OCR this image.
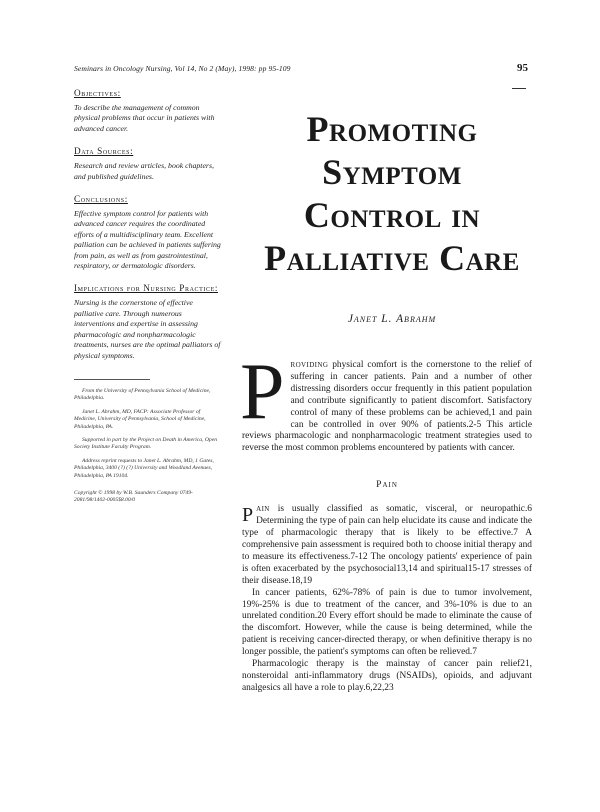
Seminars in Oncology Nursing, Vol 14, No 2 (May), 1998: pp 95-109	95
Objectives:

To describe the management of common physical problems that occur in patients with advanced cancer.

Data Sources:

Research and review articles, book chapters, and published guidelines.

Conclusions:

Effective symptom control for patients with advanced cancer requires the coordinated efforts of a multidisciplinary team. Excellent palliation can be achieved in patients suffering from pain, as well as from gastrointestinal, respiratory, or dermatologic disorders.

Implications for Nursing Practice:

Nursing is the cornerstone of effective palliative care. Through numerous interventions and expertise in assessing pharmacologic and nonpharmacologic treatments, nurses are the optimal palliators of physical symptoms.

From the University of Pennsylvania School of Medicine, Philadelphia.

Janet L. Abrahm, MD, FACP: Associate Professor of Medicine, University of Pennsylvania, School of Medicine, Philadelphia, PA.

Supported in part by the Project on Death in America, Open Society Institute Faculty Program.

Address reprint requests to Janet L. Abrahm, MD, 1 Gates, Philadelphia, 3400 (?) (?) University and Woodland Avenues, Philadelphia, PA 19104.

Copyright © 1998 by W.B. Saunders Company 0749-2081/98/1402-0005$8.00/0

Promoting
Symptom
Control in
Palliative Care
Janet L. Abrahm

Providing physical comfort is the cornerstone to the relief of suffering in cancer patients. Pain and a number of other distressing disorders occur frequently in this patient population and contribute significantly to patient discomfort. Satisfactory control of many of these problems can be achieved,1 and pain can be controlled in over 90% of patients.2-5 This article reviews pharmacologic and nonpharmacologic treatment strategies used to reverse the most common problems encountered by patients with cancer.

Pain

Pain is usually classified as somatic, visceral, or neuropathic.6 Determining the type of pain can help elucidate its cause and indicate the type of pharmacologic therapy that is likely to be effective.7 A comprehensive pain assessment is required both to choose initial therapy and to measure its effectiveness.7-12 The oncology patients' experience of pain is often exacerbated by the psychosocial13,14 and spiritual15-17 stresses of their disease.18,19

In cancer patients, 62%-78% of pain is due to tumor involvement, 19%-25% is due to treatment of the cancer, and 3%-10% is due to an unrelated condition.20 Every effort should be made to eliminate the cause of the discomfort. However, while the cause is being determined, while the patient is receiving cancer-directed therapy, or when definitive therapy is no longer possible, the patient's symptoms can often be relieved.7

Pharmacologic therapy is the mainstay of cancer pain relief21, nonsteroidal anti-inflammatory drugs (NSAIDs), opioids, and adjuvant analgesics all have a role to play.6,22,23
